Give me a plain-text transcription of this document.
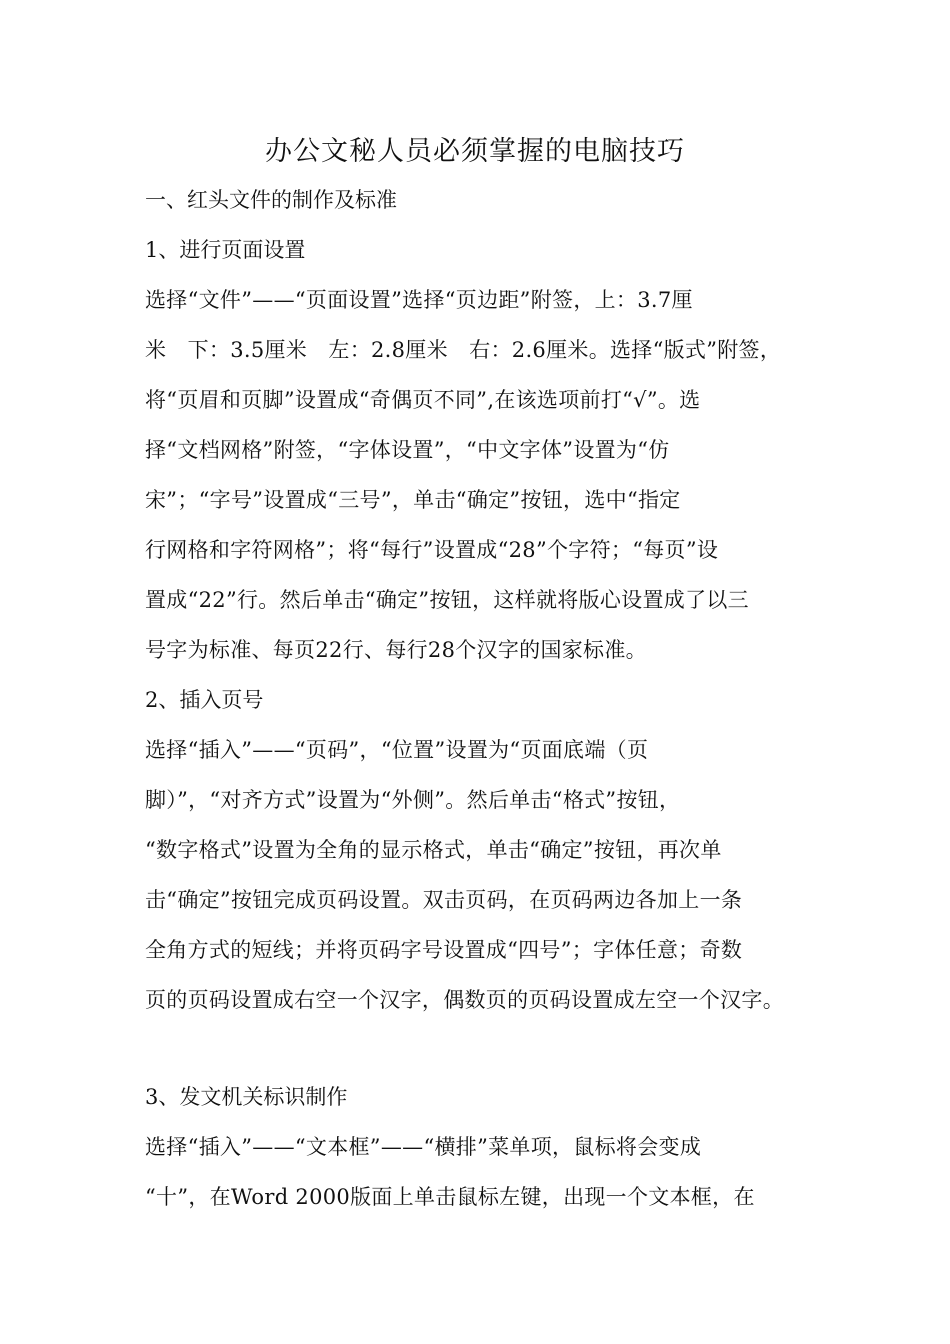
办公文秘人员必须掌握的电脑技巧
一、红头文件的制作及标准
1、进行页面设置
选择“文件”——“页面设置”选择“页边距”附签，上：3.7厘
米　下：3.5厘米　左：2.8厘米　右：2.6厘米。选择“版式”附签，
将“页眉和页脚”设置成“奇偶页不同”,在该选项前打“√”。选
择“文档网格”附签，“字体设置”，“中文字体”设置为“仿
宋”；“字号”设置成“三号”，单击“确定”按钮，选中“指定
行网格和字符网格”；将“每行”设置成“28”个字符；“每页”设
置成“22”行。然后单击“确定”按钮，这样就将版心设置成了以三
号字为标准、每页22行、每行28个汉字的国家标准。
2、插入页号
选择“插入”——“页码”，“位置”设置为“页面底端（页
脚）”，“对齐方式”设置为“外侧”。然后单击“格式”按钮，
“数字格式”设置为全角的显示格式，单击“确定”按钮，再次单
击“确定”按钮完成页码设置。双击页码，在页码两边各加上一条
全角方式的短线；并将页码字号设置成“四号”；字体任意；奇数
页的页码设置成右空一个汉字，偶数页的页码设置成左空一个汉字。
3、发文机关标识制作
选择“插入”——“文本框”——“横排”菜单项，鼠标将会变成
“十”，在Word 2000版面上单击鼠标左键，出现一个文本框，在
